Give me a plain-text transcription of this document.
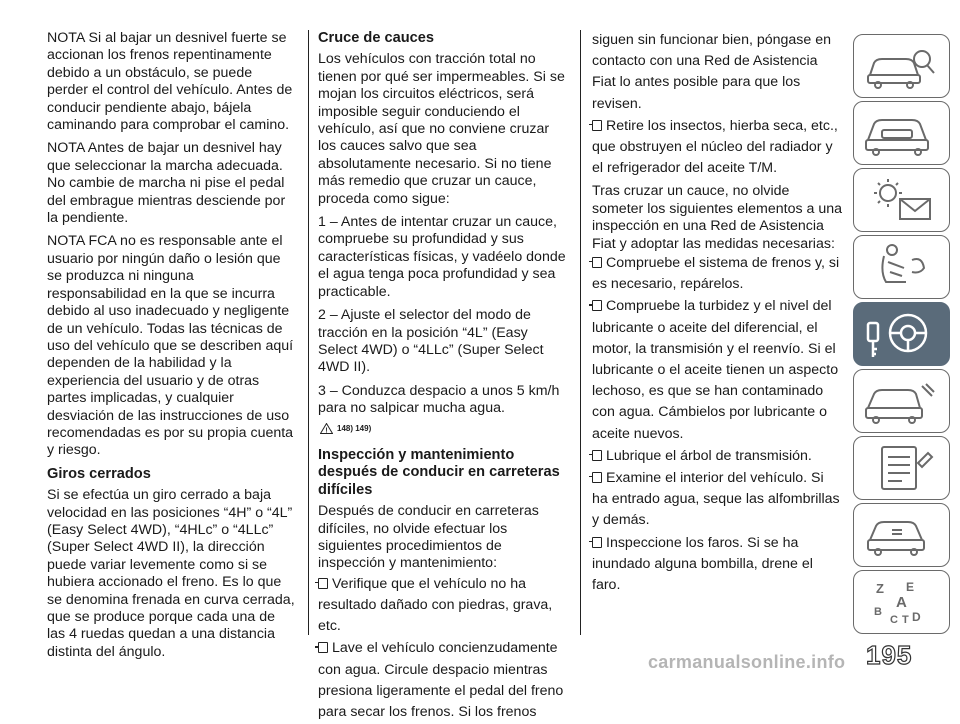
NOTA Si al bajar un desnivel fuerte se accionan los frenos repentinamente debido a un obstáculo, se puede perder el control del vehículo. Antes de conducir pendiente abajo, bájela caminando para comprobar el camino.

NOTA Antes de bajar un desnivel hay que seleccionar la marcha adecuada. No cambie de marcha ni pise el pedal del embrague mientras desciende por la pendiente.

NOTA FCA no es responsable ante el usuario por ningún daño o lesión que se produzca ni ninguna responsabilidad en la que se incurra debido al uso inadecuado y negligente de un vehículo. Todas las técnicas de uso del vehículo que se describen aquí dependen de la habilidad y la experiencia del usuario y de otras partes implicadas, y cualquier desviación de las instrucciones de uso recomendadas es por su propia cuenta y riesgo.

Giros cerrados

Si se efectúa un giro cerrado a baja velocidad en las posiciones “4H” o “4L” (Easy Select 4WD), “4HLc” o “4LLc” (Super Select 4WD II), la dirección puede variar levemente como si se hubiera accionado el freno. Es lo que se denomina frenada en curva cerrada, que se produce porque cada una de las 4 ruedas quedan a una distancia distinta del ángulo.

Cruce de cauces

Los vehículos con tracción total no tienen por qué ser impermeables. Si se mojan los circuitos eléctricos, será imposible seguir conduciendo el vehículo, así que no conviene cruzar los cauces salvo que sea absolutamente necesario. Si no tiene más remedio que cruzar un cauce, proceda como sigue:

1 – Antes de intentar cruzar un cauce, compruebe su profundidad y sus características físicas, y vadéelo donde el agua tenga poca profundidad y sea practicable.

2 – Ajuste el selector del modo de tracción en la posición “4L” (Easy Select 4WD) o “4LLc” (Super Select 4WD II).

3 – Conduzca despacio a unos 5 km/h para no salpicar mucha agua.

! 148) 149)
Inspección y mantenimiento después de conducir en carreteras difíciles

Después de conducir en carreteras difíciles, no olvide efectuar los siguientes procedimientos de inspección y mantenimiento:

Verifique que el vehículo no ha resultado dañado con piedras, grava, etc.
Lave el vehículo concienzudamente con agua. Circule despacio mientras presiona ligeramente el pedal del freno para secar los frenos. Si los frenos
siguen sin funcionar bien, póngase en contacto con una Red de Asistencia Fiat lo antes posible para que los revisen.
Retire los insectos, hierba seca, etc., que obstruyen el núcleo del radiador y el refrigerador del aceite T/M.

Tras cruzar un cauce, no olvide someter los siguientes elementos a una inspección en una Red de Asistencia Fiat y adoptar las medidas necesarias:

Compruebe el sistema de frenos y, si es necesario, repárelos.
Compruebe la turbidez y el nivel del lubricante o aceite del diferencial, el motor, la transmisión y el reenvío. Si el lubricante o el aceite tienen un aspecto lechoso, es que se han contaminado con agua. Cámbielos por lubricante o aceite nuevos.
Lubrique el árbol de transmisión.
Examine el interior del vehículo. Si ha entrado agua, seque las alfombrillas y demás.
Inspeccione los faros. Si se ha inundado alguna bombilla, drene el faro.	Z E
A
B
C D
T
195
carmanualsonline.info
